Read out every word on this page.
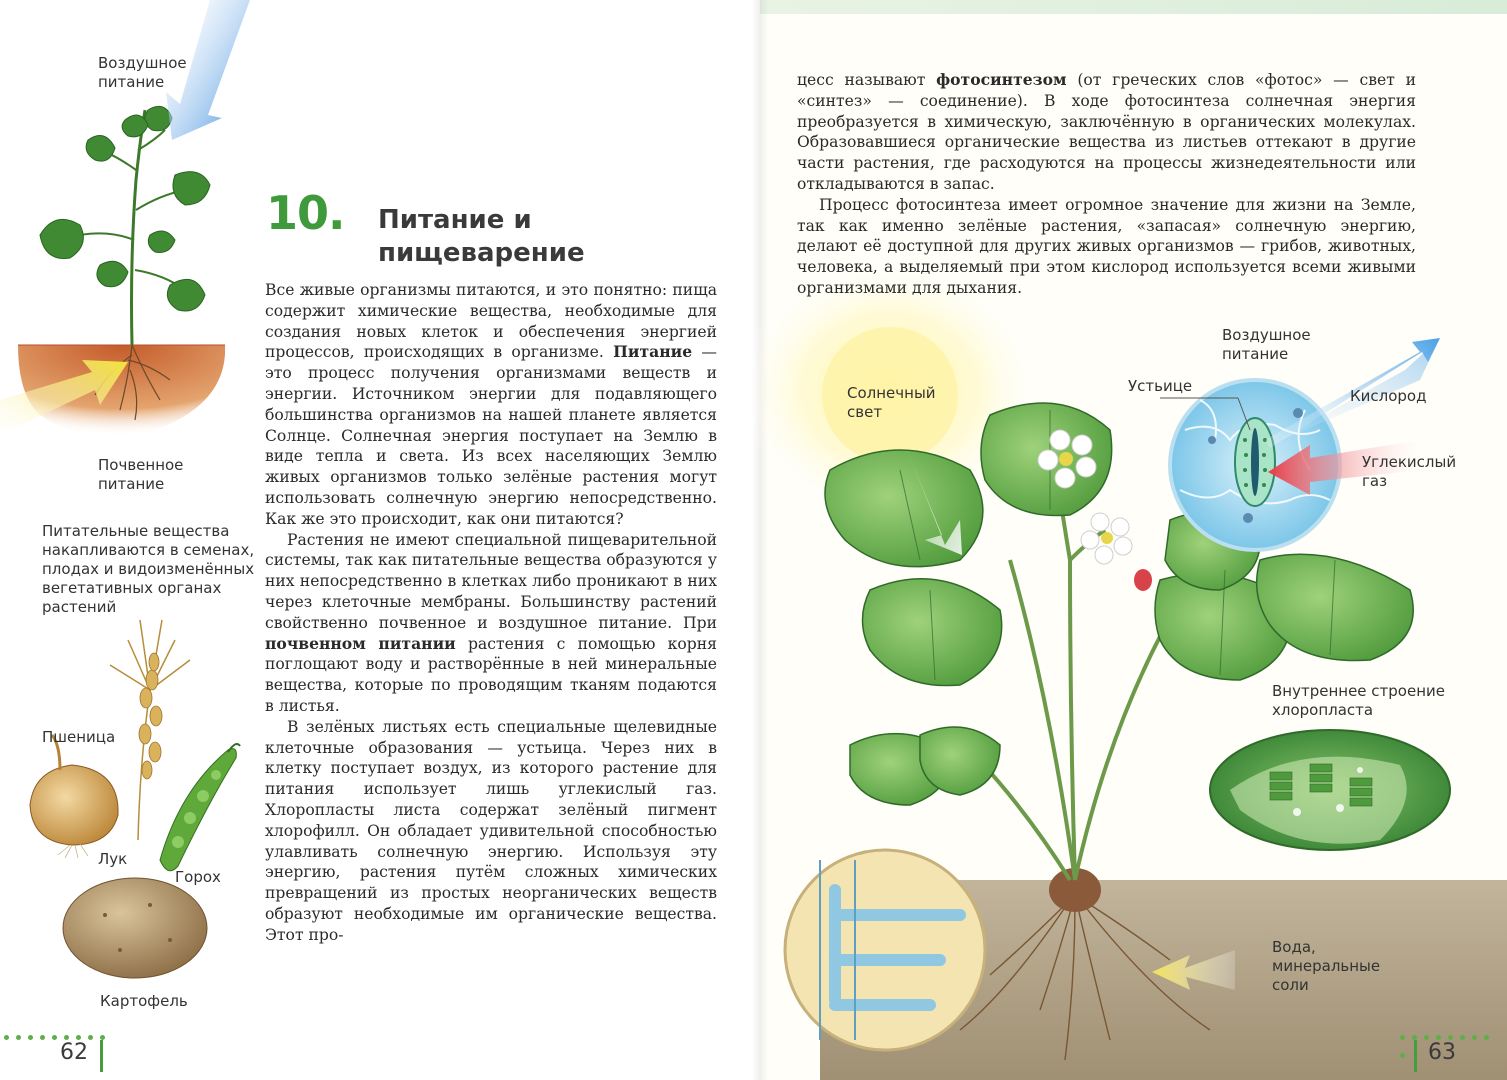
Воздушное
питание
Почвенное
питание
Питательные вещества
накапливаются в семенах,
плодах и видоизменённых
вегетативных органах
растений
Пшеница
Лук
Горох
Картофель
10. Питание и пищеварение

Все живые организмы питаются, и это понятно: пища содержит химические вещества, необходимые для создания новых клеток и обеспечения энергией процессов, происходящих в организме. Питание — это процесс получения организмами веществ и энергии. Источником энергии для подавляющего большинства организмов на нашей планете является Солнце. Солнечная энергия поступает на Землю в виде тепла и света. Из всех населяющих Землю живых организмов только зелёные растения могут использовать солнечную энергию непосредственно. Как же это происходит, как они питаются?

Растения не имеют специальной пищеварительной системы, так как питательные вещества образуются у них непосредственно в клетках либо проникают в них через клеточные мембраны. Большинству растений свойственно почвенное и воздушное питание. При почвенном питании растения с помощью корня поглощают воду и растворённые в ней минеральные вещества, которые по проводящим тканям подаются в листья.

В зелёных листьях есть специальные щелевидные клеточные образования — устьица. Через них в клетку поступает воздух, из которого растение для питания использует лишь углекислый газ. Хлоропласты листа содержат зелёный пигмент хлорофилл. Он обладает удивительной способностью улавливать солнечную энергию. Используя эту энергию, растения путём сложных химических превращений из простых неорганических веществ образуют необходимые им органические вещества. Этот про-

цесс называют фотосинтезом (от греческих слов «фотос» — свет и «синтез» — соединение). В ходе фотосинтеза солнечная энергия преобразуется в химическую, заключённую в органических молекулах. Образовавшиеся органические вещества из листьев оттекают в другие части растения, где расходуются на процессы жизнедеятельности или откладываются в запас.

Процесс фотосинтеза имеет огромное значение для жизни на Земле, так как именно зелёные растения, «запасая» солнечную энергию, делают её доступной для других живых организмов — грибов, животных, человека, а выделяемый при этом кислород используется всеми живыми организмами для дыхания.

Солнечный
свет
Воздушное
питание
Устьице
Кислород
Углекислый
газ
Внутреннее строение
хлоропласта
Вода,
минеральные
соли
62	63
